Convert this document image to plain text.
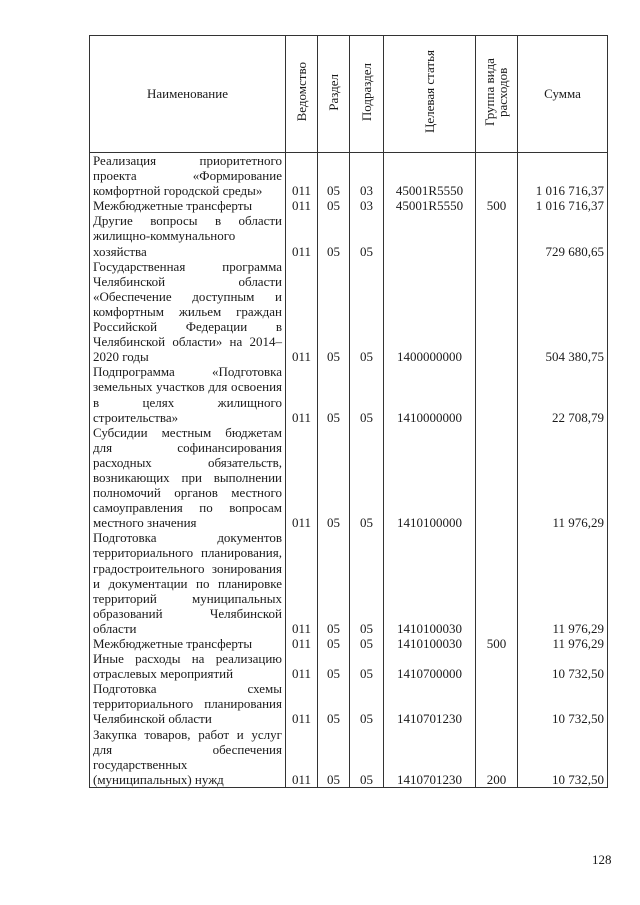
Наименование	Ведомство	Раздел	Подраздел	Целевая статья	Группа вида расходов	Сумма
Реализация приоритетного проекта «Формирование комфортной городской среды»	011	05	03	45001R5550		1 016 716,37
Межбюджетные трансферты	011	05	03	45001R5550	500	1 016 716,37
Другие вопросы в области жилищно-коммунального хозяйства	011	05	05			729 680,65
Государственная программа Челябинской области «Обеспечение доступным и комфортным жильем граждан Российской Федерации в Челябинской области» на 2014–2020 годы	011	05	05	1400000000		504 380,75
Подпрограмма «Подготовка земельных участков для освоения в целях жилищного строительства»	011	05	05	1410000000		22 708,79
Субсидии местным бюджетам для софинансирования расходных обязательств, возникающих при выполнении полномочий органов местного самоуправления по вопросам местного значения	011	05	05	1410100000		11 976,29
Подготовка документов территориального планирования, градостроительного зонирования и документации по планировке территорий муниципальных образований Челябинской области	011	05	05	1410100030		11 976,29
Межбюджетные трансферты	011	05	05	1410100030	500	11 976,29
Иные расходы на реализацию отраслевых мероприятий	011	05	05	1410700000		10 732,50
Подготовка схемы территориального планирования Челябинской области	011	05	05	1410701230		10 732,50
Закупка товаров, работ и услуг для обеспечения государственных (муниципальных) нужд	011	05	05	1410701230	200	10 732,50
128
